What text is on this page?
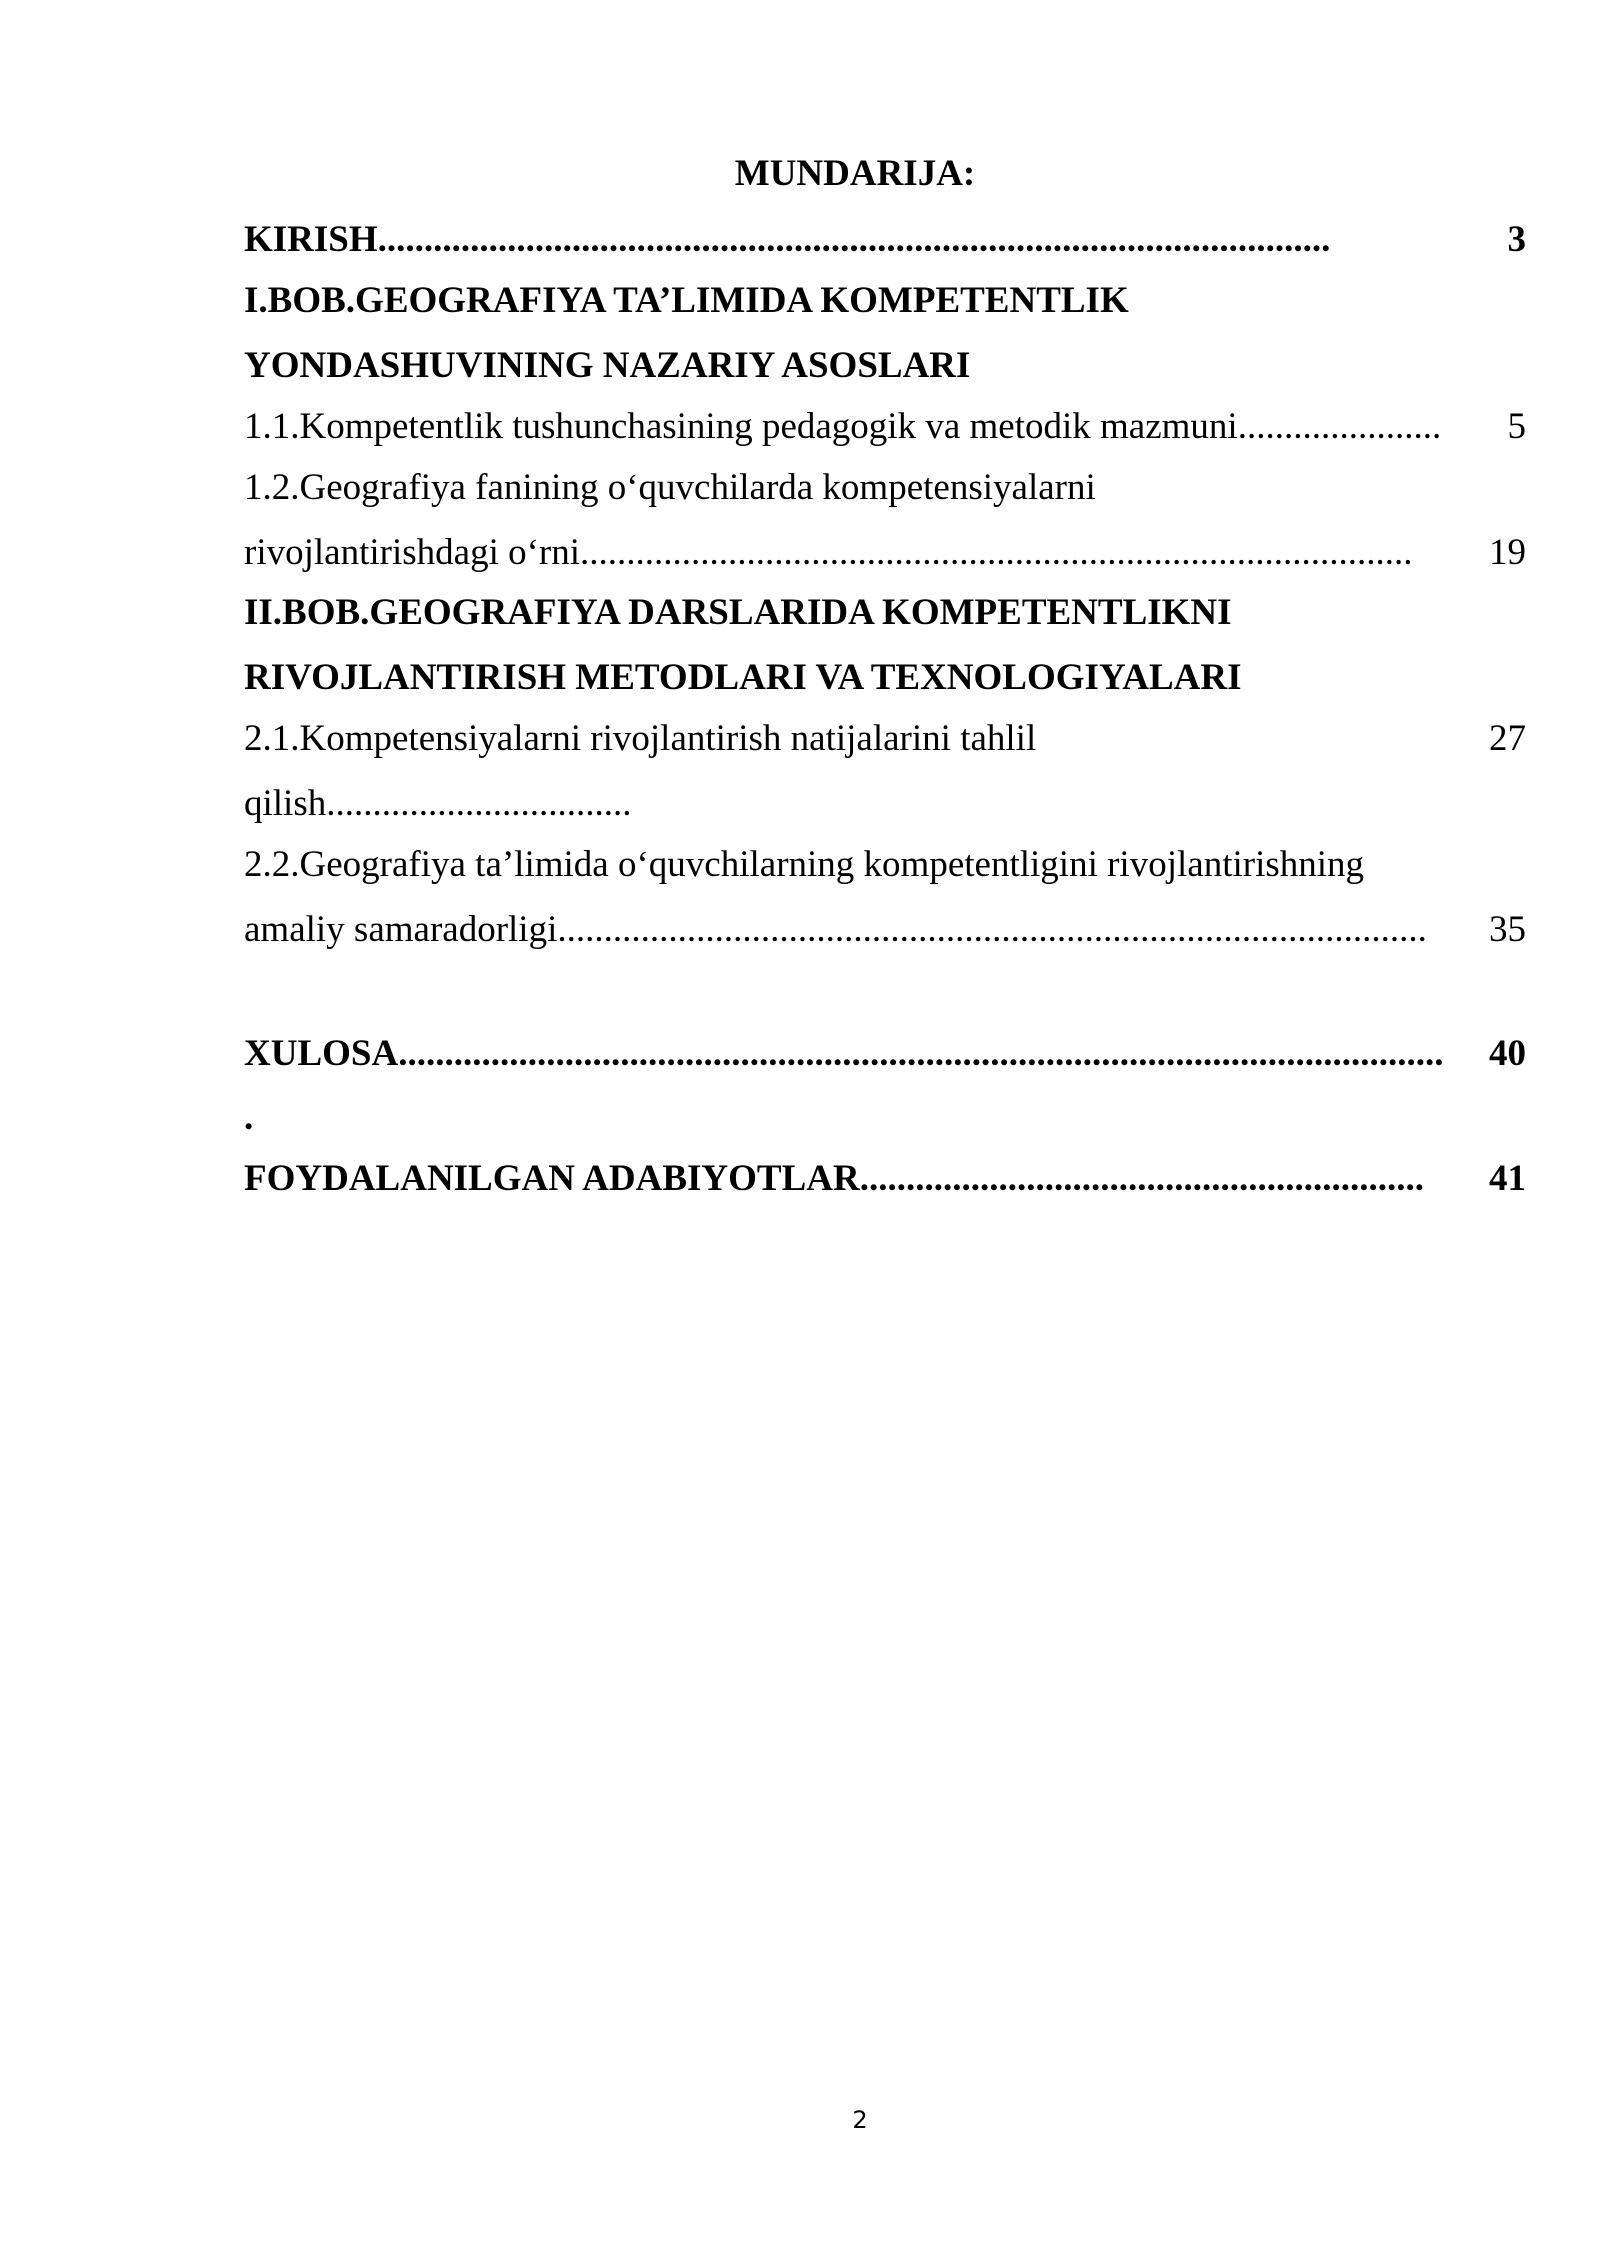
MUNDARIJA:
KIRISH.......................................................................................................	3
I.BOB.GEOGRAFIYA TA’LIMIDA KOMPETENTLIK
YONDASHUVINING NAZARIY ASOSLARI
1.1.Kompetentlik tushunchasining pedagogik va metodik mazmuni......................	5
1.2.Geografiya fanining o‘quvchilarda kompetensiyalarni
rivojlantirishdagi o‘rni..........................................................................................	19
II.BOB.GEOGRAFIYA DARSLARIDA KOMPETENTLIKNI
RIVOJLANTIRISH METODLARI VA TEXNOLOGIYALARI
2.1.Kompetensiyalarni rivojlantirish natijalarini tahlil	27
qilish.................................
2.2.Geografiya ta’limida o‘quvchilarning kompetentligini rivojlantirishning
amaliy samaradorligi..............................................................................................	35
XULOSA.................................................................................................................	40
.
FOYDALANILGAN ADABIYOTLAR.............................................................	41
2
